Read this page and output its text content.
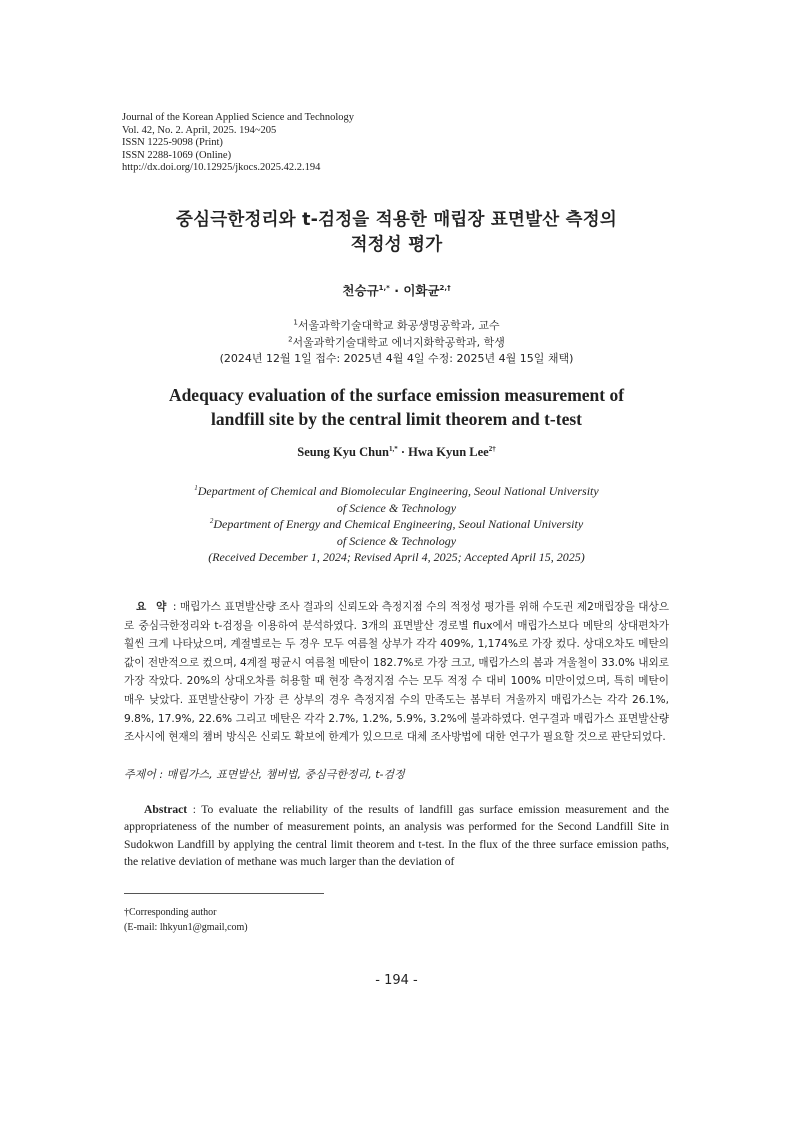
Journal of the Korean Applied Science and Technology
Vol. 42, No. 2. April, 2025. 194~205
ISSN 1225-9098 (Print)
ISSN 2288-1069 (Online)
http://dx.doi.org/10.12925/jkocs.2025.42.2.194
중심극한정리와 t-검정을 적용한 매립장 표면발산 측정의
적정성 평가
천승규$^{1,*}$ · 이화균$^{2,\dagger}$
$^1$서울과학기술대학교 화공생명공학과, 교수
$^2$서울과학기술대학교 에너지화학공학과, 학생
(2024년 12월 1일 접수: 2025년 4월 4일 수정: 2025년 4월 15일 채택)
Adequacy evaluation of the surface emission measurement of
landfill site by the central limit theorem and t-test
Seung Kyu Chun$^{1,*}$ · Hwa Kyun Lee$^{2\dagger}$
$^1$Department of Chemical and Biomolecular Engineering, Seoul National University
of Science & Technology
$^2$Department of Energy and Chemical Engineering, Seoul National University
of Science & Technology
(Received December 1, 2024; Revised April 4, 2025; Accepted April 15, 2025)
요 약 : 매립가스 표면발산량 조사 결과의 신뢰도와 측정지점 수의 적정성 평가를 위해 수도권 제2매립장을 대상으로 중심극한정리와 t-검정을 이용하여 분석하였다. 3개의 표면발산 경로별 flux에서 매립가스보다 메탄의 상대편차가 훨씬 크게 나타났으며, 계절별로는 두 경우 모두 여름철 상부가 각각 409%, 1,174%로 가장 컸다. 상대오차도 메탄의 값이 전반적으로 컸으며, 4계절 평균시 여름철 메탄이 182.7%로 가장 크고, 매립가스의 봄과 겨울철이 33.0% 내외로 가장 작았다. 20%의 상대오차를 허용할 때 현장 측정지점 수는 모두 적정 수 대비 100% 미만이었으며, 특히 메탄이 매우 낮았다. 표면발산량이 가장 큰 상부의 경우 측정지점 수의 만족도는 봄부터 겨울까지 매립가스는 각각 26.1%, 9.8%, 17.9%, 22.6% 그리고 메탄은 각각 2.7%, 1.2%, 5.9%, 3.2%에 불과하였다. 연구결과 매립가스 표면발산량 조사시에 현재의 챔버 방식은 신뢰도 확보에 한계가 있으므로 대체 조사방법에 대한 연구가 필요할 것으로 판단되었다.
주제어 : 매립가스, 표면발산, 챔버법, 중심극한정리, t-검정
Abstract : To evaluate the reliability of the results of landfill gas surface emission measurement and the appropriateness of the number of measurement points, an analysis was performed for the Second Landfill Site in Sudokwon Landfill by applying the central limit theorem and t-test. In the flux of the three surface emission paths, the relative deviation of methane was much larger than the deviation of
†Corresponding author
(E-mail: lhkyun1@gmail,com)
- 194 -
